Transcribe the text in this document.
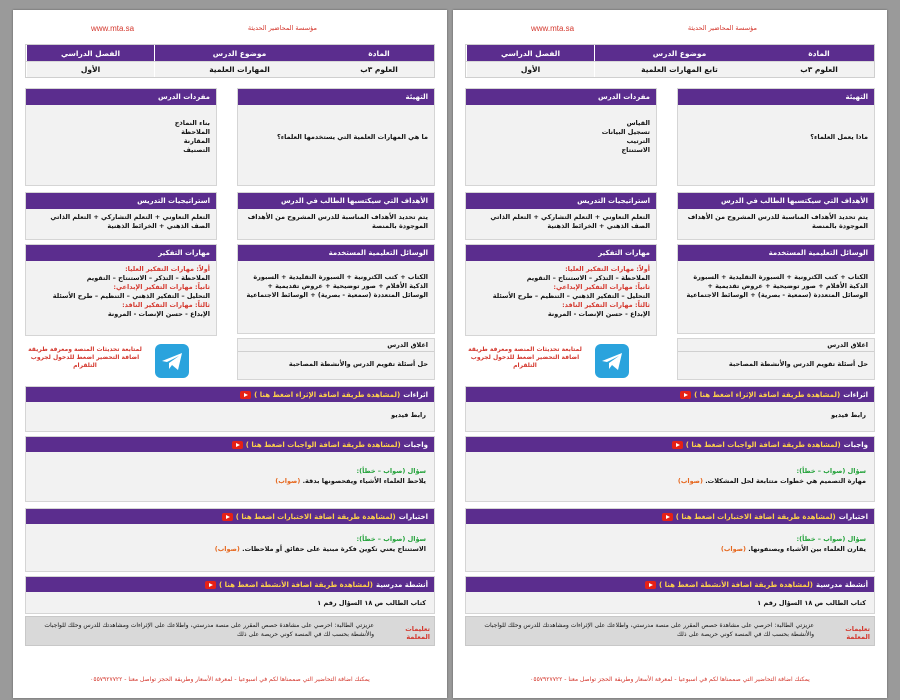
مؤسسة المحاضير الحديثة
www.mta.sa
المادة
موضوع الدرس
الفصل الدراسي
العلوم ٣ب
تابع المهارات العلمية
الأول
التهيئة
ماذا يعمل العلماء؟
مفردات الدرس
القياس
تسجيل البيانات
الترتيب
الاستنتاج
الأهداف التي سيكتسبها الطالب في الدرس
يتم تحديد الأهداف المناسبة للدرس المشروح من الأهداف الموجودة بالمنصة
استراتيجيات التدريس
التعلم التعاوني + التعلم التشاركي + التعلم الذاتي الصف الذهني + الخرائط الذهنية
الوسائل التعليمية المستخدمة
الكتاب + كتب الكترونية + السبورة التقليدية + السبورة الذكية الأقلام + صور توضيحية + عروض تقديمية + الوسائل المتعددة (سمعية - بصرية) + الوسائط الاجتماعية
مهارات التفكير
أولاً: مهارات التفكير العليا:
الملاحظة – التذكر – الاستنتاج – التقويم
ثانياً: مهارات التفكير الإبداعي:
التحليل – التفكير الذهني – التنظيم – طرح الأسئلة
ثالثاً: مهارات التفكير الناقد:
الإبداع - حسن الإنصات - المرونة
اغلاق الدرس
حل أسئلة تقويم الدرس والأنشطة المصاحبة
لمتابعة تحديثات المنصة ومعرفة طريقة اضافة التحضير اضغط للدخول لجروب التلقرام
اثراءات
(لمشاهدة طريقة اضافة الإثراء اضغط هنا )
رابط فيديو
واجبات
(لمشاهدة طريقة اضافة الواجبات اضغط هنا )
سؤال (صواب – خطأ):
مهارة التصميم هي خطوات متتابعة لحل المشكلات. (صواب)
اختبارات
(لمشاهدة طريقة اضافة الاختبارات اضغط هنا )
سؤال (صواب – خطأ):
يقارن العلماء بين الأشياء ويصنفونها. (صواب)
أنشطة مدرسية
(لمشاهدة طريقة اضافة الأنشطة اضغط هنا )
كتاب الطالب ص ١٨ السؤال رقم ١
تعليمات المعلمة
عزيزتي الطالبة: احرصي على مشاهدة حصص المقرر على منصة مدرستي، واطلاعك على الإثراءات ومشاهدتك للدرس وحلك للواجبات والأنشطة بحسب لك في المنصة كوني حريصة على ذلك
يمكنك اضافة التحاضير التي صممناها لكم في اسبوعيا - لمعرفة الأسعار وطريقة الحجز تواصل معنا - ٠٥٥٧٩٢٧٧٢٢
مؤسسة المحاضير الحديثة
www.mta.sa
المادة
موضوع الدرس
الفصل الدراسي
العلوم ٣ب
المهارات العلمية
الأول
التهيئة
ما هي المهارات العلمية التي يستخدمها العلماء؟
مفردات الدرس
بناء النماذج
الملاحظة
المقارنة
التصنيف
الأهداف التي سيكتسبها الطالب في الدرس
يتم تحديد الأهداف المناسبة للدرس المشروح من الأهداف الموجودة بالمنصة
استراتيجيات التدريس
التعلم التعاوني + التعلم التشاركي + التعلم الذاتي الصف الذهني + الخرائط الذهنية
الوسائل التعليمية المستخدمة
الكتاب + كتب الكترونية + السبورة التقليدية + السبورة الذكية الأقلام + صور توضيحية + عروض تقديمية + الوسائل المتعددة (سمعية - بصرية) + الوسائط الاجتماعية
مهارات التفكير
أولاً: مهارات التفكير العليا:
الملاحظة – التذكر – الاستنتاج – التقويم
ثانياً: مهارات التفكير الإبداعي:
التحليل – التفكير الذهني – التنظيم – طرح الأسئلة
ثالثاً: مهارات التفكير الناقد:
الإبداع - حسن الإنصات - المرونة
اغلاق الدرس
حل أسئلة تقويم الدرس والأنشطة المصاحبة
لمتابعة تحديثات المنصة ومعرفة طريقة اضافة التحضير اضغط للدخول لجروب التلقرام
اثراءات
(لمشاهدة طريقة اضافة الإثراء اضغط هنا )
رابط فيديو
واجبات
(لمشاهدة طريقة اضافة الواجبات اضغط هنا )
سؤال (صواب – خطأ):
يلاحظ العلماء الأشياء ويفحصونها بدقة. (صواب)
اختبارات
(لمشاهدة طريقة اضافة الاختبارات اضغط هنا )
سؤال (صواب – خطأ):
الاستنتاج يعني تكوين فكرة مبنية على حقائق أو ملاحظات. (صواب)
أنشطة مدرسية
(لمشاهدة طريقة اضافة الأنشطة اضغط هنا )
كتاب الطالب ص ١٨ السؤال رقم ١
تعليمات المعلمة
عزيزتي الطالبة: احرصي على مشاهدة حصص المقرر على منصة مدرستي، واطلاعك على الإثراءات ومشاهدتك للدرس وحلك للواجبات والأنشطة بحسب لك في المنصة كوني حريصة على ذلك
يمكنك اضافة التحاضير التي صممناها لكم في اسبوعيا - لمعرفة الأسعار وطريقة الحجز تواصل معنا - ٠٥٥٧٩٢٧٧٢٢
